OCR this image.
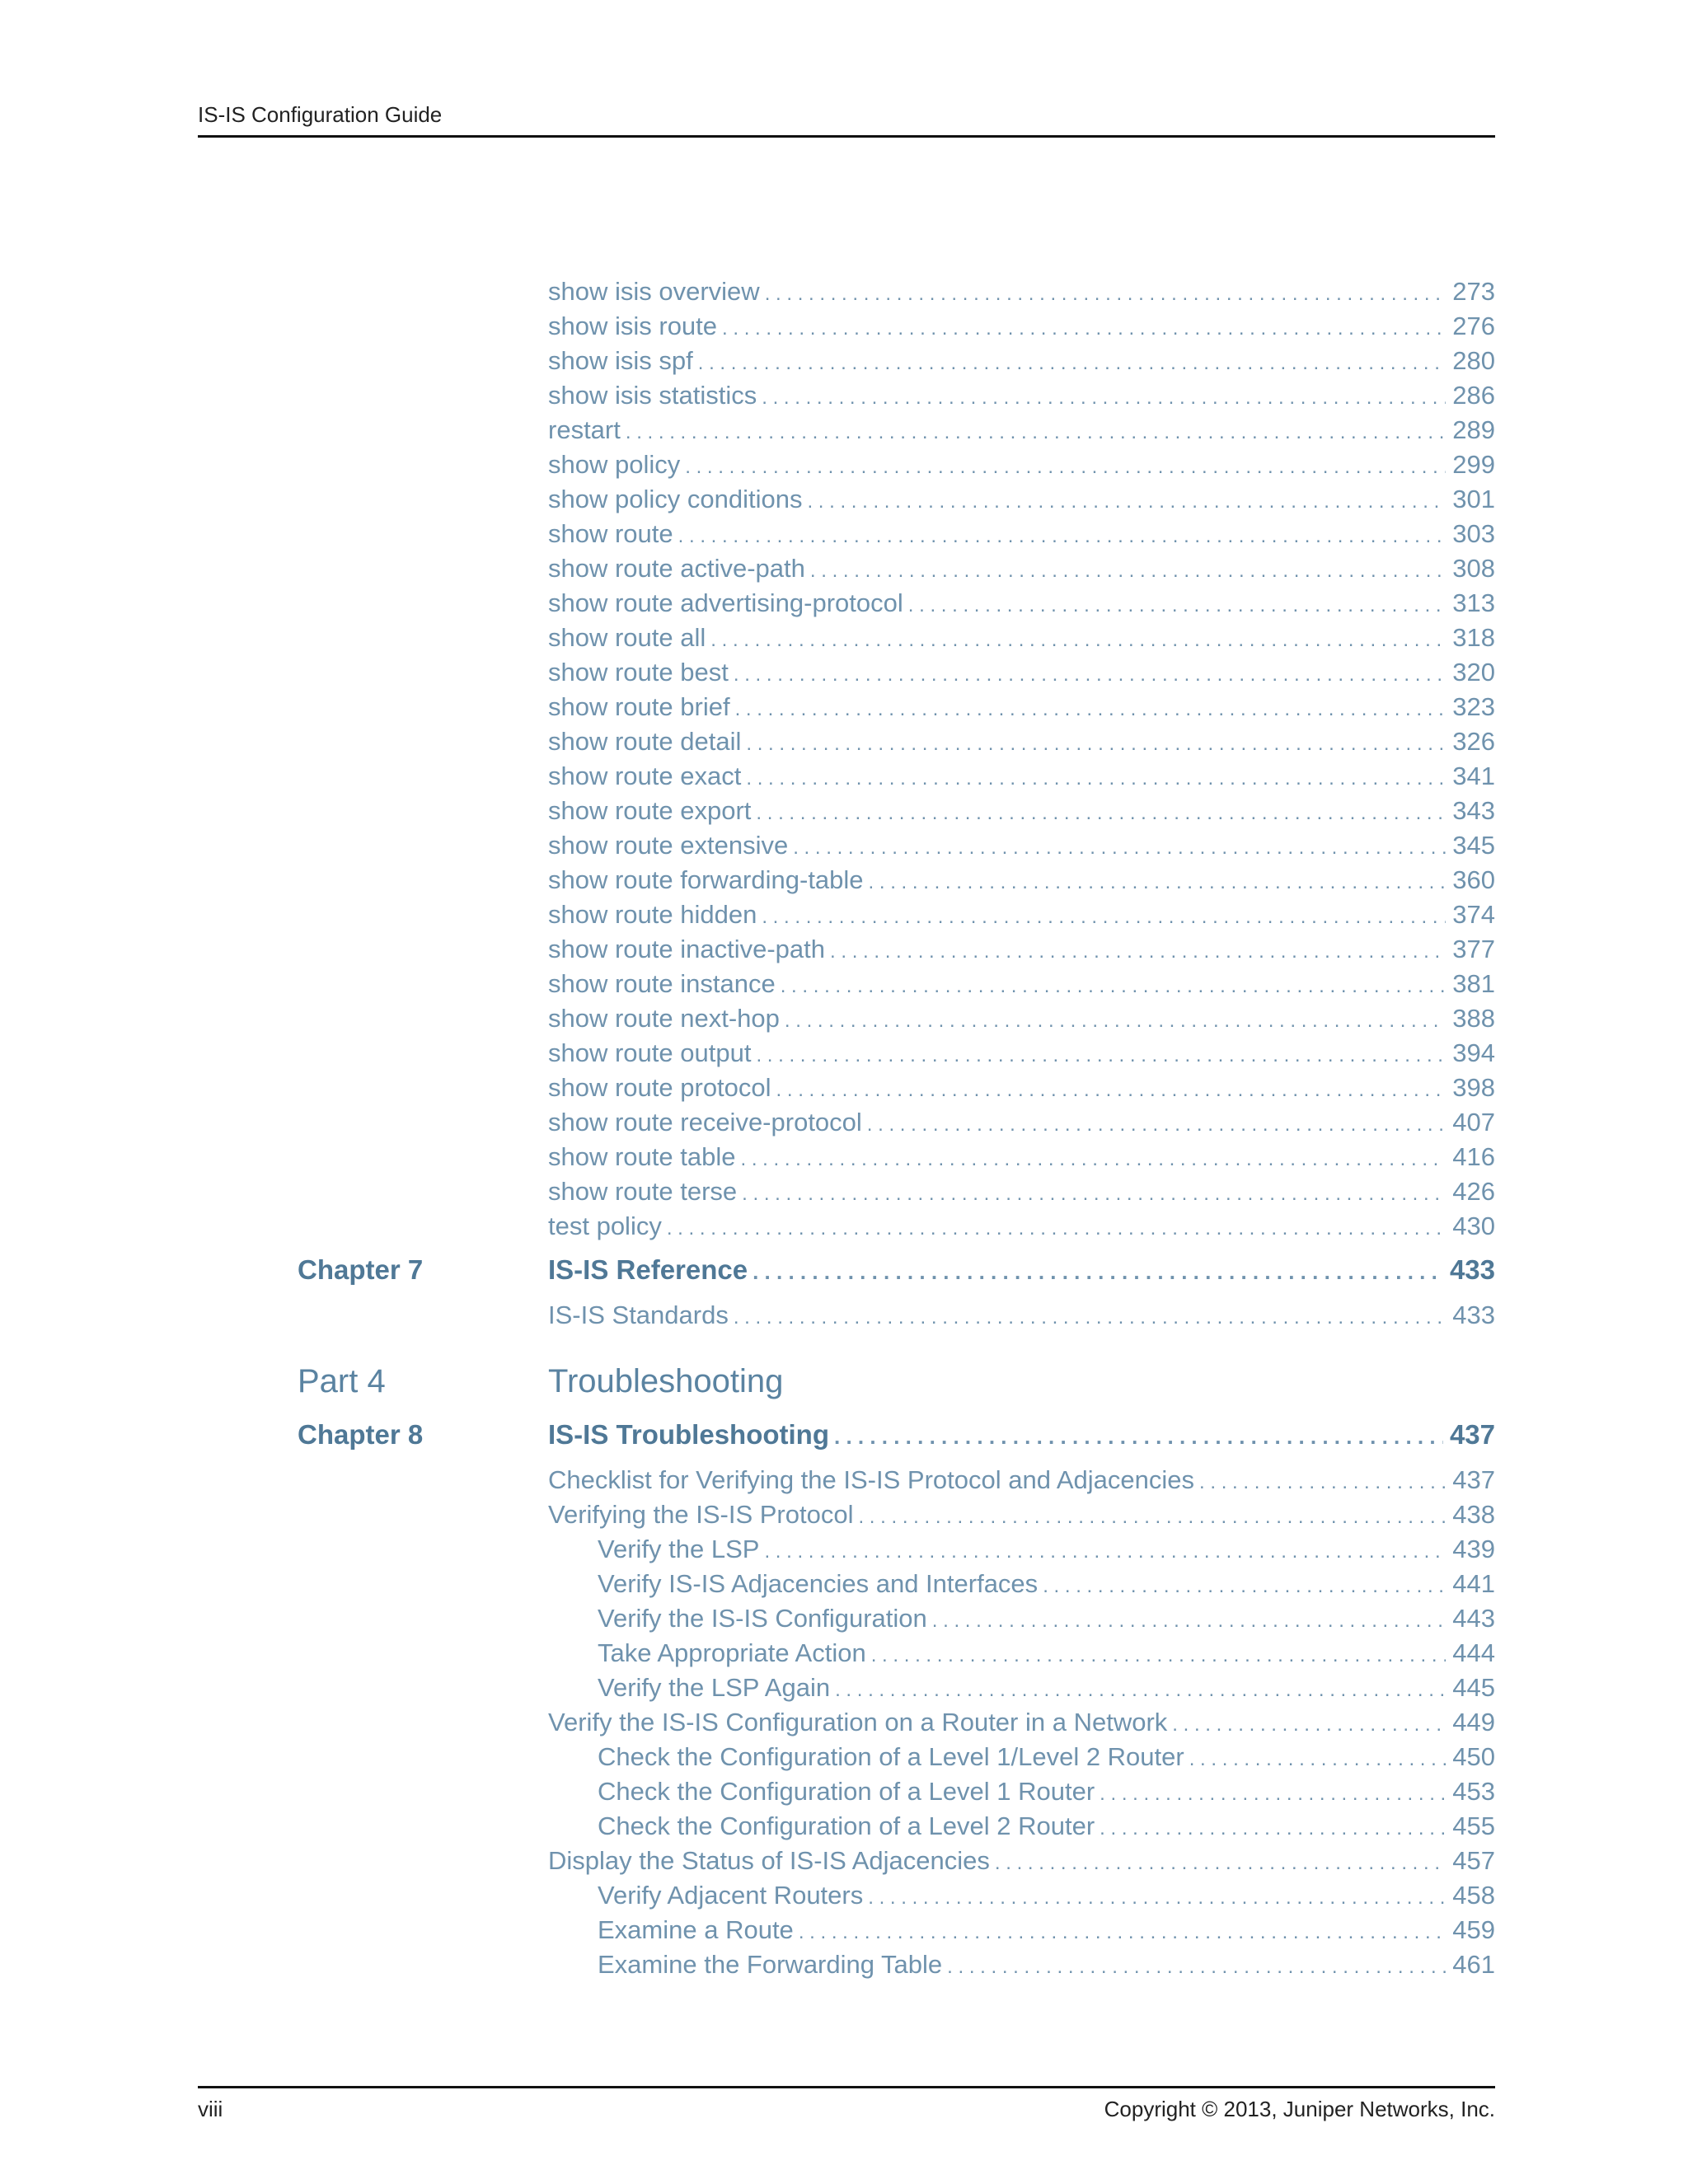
IS-IS Configuration Guide
show isis overview . . .	273
show isis route . . .	276
show isis spf . . .	280
show isis statistics . . .	286
restart . . .	289
show policy . . .	299
show policy conditions . . .	301
show route . . .	303
show route active-path . . .	308
show route advertising-protocol . . .	313
show route all . . .	318
show route best . . .	320
show route brief . . .	323
show route detail . . .	326
show route exact . . .	341
show route export . . .	343
show route extensive . . .	345
show route forwarding-table . . .	360
show route hidden . . .	374
show route inactive-path . . .	377
show route instance . . .	381
show route next-hop . . .	388
show route output . . .	394
show route protocol . . .	398
show route receive-protocol . . .	407
show route table . . .	416
show route terse . . .	426
test policy . . .	430
Chapter 7	IS-IS Reference . . .	433
IS-IS Standards . . .	433
Part 4	Troubleshooting
Chapter 8	IS-IS Troubleshooting . . .	437
Checklist for Verifying the IS-IS Protocol and Adjacencies . . .	437
Verifying the IS-IS Protocol . . .	438
Verify the LSP . . .	439
Verify IS-IS Adjacencies and Interfaces . . .	441
Verify the IS-IS Configuration . . .	443
Take Appropriate Action . . .	444
Verify the LSP Again . . .	445
Verify the IS-IS Configuration on a Router in a Network . . .	449
Check the Configuration of a Level 1/Level 2 Router . . .	450
Check the Configuration of a Level 1 Router . . .	453
Check the Configuration of a Level 2 Router . . .	455
Display the Status of IS-IS Adjacencies . . .	457
Verify Adjacent Routers . . .	458
Examine a Route . . .	459
Examine the Forwarding Table . . .	461
viii	Copyright © 2013, Juniper Networks, Inc.
